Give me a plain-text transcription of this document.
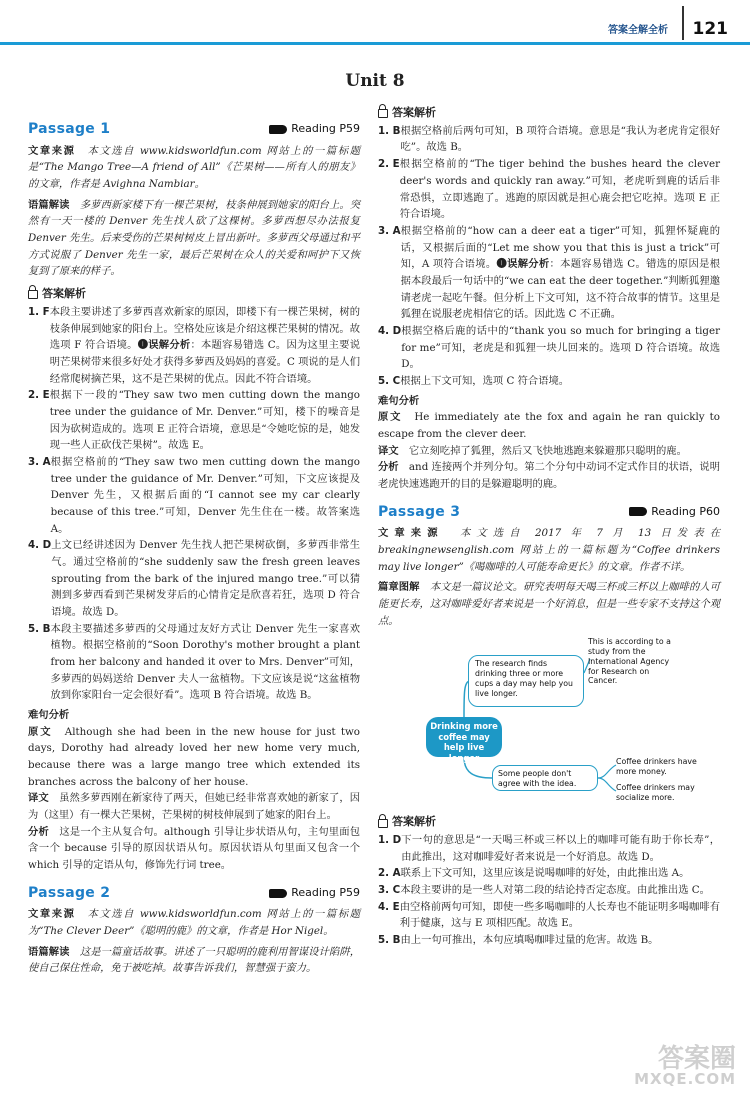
答案全解全析 121
Unit 8
Passage 1	Reading P59

文章来源　 本文选自 www.kidsworldfun.com 网站上的一篇标题是“The Mango Tree—A friend of All”《芒果树——所有人的朋友》的文章，作者是 Avighna Nambiar。

语篇解读　 多萝西新家楼下有一棵芒果树，枝条伸展到她家的阳台上。突然有一天一楼的 Denver 先生找人砍了这棵树。多萝西想尽办法报复 Denver 先生。后来受伤的芒果树树皮上冒出新叶。多萝西父母通过和平方式说服了 Denver 先生一家，最后芒果树在众人的关爱和呵护下又恢复到了原来的样子。

答案解析
1. F 本段主要讲述了多萝西喜欢新家的原因，即楼下有一棵芒果树，树的枝条伸展到她家的阳台上。空格处应该是介绍这棵芒果树的情况。故选项 F 符合语境。❶误解分析：本题容易错选 C。因为这里主要说明芒果树带来很多好处才获得多萝西及妈妈的喜爱。C 项说的是人们经常爬树摘芒果，这不是芒果树的优点。因此不符合语境。
2. E 根据下一段的“They saw two men cutting down the mango tree under the guidance of Mr. Denver.”可知，楼下的噪音是因为砍树造成的。选项 E 正符合语境，意思是“令她吃惊的是，她发现一些人正砍伐芒果树”。故选 E。
3. A 根据空格前的“They saw two men cutting down the mango tree under the guidance of Mr. Denver.”可知，下文应该提及 Denver 先生，又根据后面的“I cannot see my car clearly because of this tree.”可知，Denver 先生住在一楼。故答案选 A。
4. D 上文已经讲述因为 Denver 先生找人把芒果树砍倒，多萝西非常生气。通过空格前的“she suddenly saw the fresh green leaves sprouting from the bark of the injured mango tree.”可以猜测到多萝西看到芒果树发芽后的心情肯定是欣喜若狂，选项 D 符合语境。故选 D。
5. B 本段主要描述多萝西的父母通过友好方式让 Denver 先生一家喜欢植物。根据空格前的“Soon Dorothy's mother brought a plant from her balcony and handed it over to Mrs. Denver”可知，多萝西的妈妈送给 Denver 夫人一盆植物。下文应该是说“这盆植物放到你家阳台一定会很好看”。选项 B 符合语境。故选 B。
难句分析

原文　 Although she had been in the new house for just two days, Dorothy had already loved her new home very much, because there was a large mango tree which extended its branches across the balcony of her house.

译文　 虽然多萝西刚在新家待了两天，但她已经非常喜欢她的新家了，因为（这里）有一棵大芒果树，芒果树的树枝伸展到了她家的阳台上。

分析　 这是一个主从复合句。although 引导让步状语从句，主句里面包含一个 because 引导的原因状语从句。原因状语从句里面又包含一个 which 引导的定语从句，修饰先行词 tree。

Passage 2	Reading P59

文章来源　 本文选自 www.kidsworldfun.com 网站上的一篇标题为“The Clever Deer”《聪明的鹿》的文章，作者是 Hor Nigel。

语篇解读　 这是一篇童话故事。讲述了一只聪明的鹿利用智谋设计陷阱，使自己保住性命，免于被吃掉。故事告诉我们，智慧强于蛮力。

答案解析
1. B 根据空格前后两句可知，B 项符合语境。意思是“我认为老虎肯定很好吃”。故选 B。
2. E 根据空格前的“The tiger behind the bushes heard the clever deer's words and quickly ran away.”可知，老虎听到鹿的话后非常恐惧，立即逃跑了。逃跑的原因就是担心鹿会把它吃掉。选项 E 正符合语境。
3. A 根据空格前的“how can a deer eat a tiger”可知，狐狸怀疑鹿的话，又根据后面的“Let me show you that this is just a trick”可知，A 项符合语境。❶误解分析：本题容易错选 C。错选的原因是根据本段最后一句话中的“we can eat the deer together.”判断狐狸邀请老虎一起吃午餐。但分析上下文可知，这不符合故事的情节。这里是狐狸在说服老虎相信它的话。因此选 C 不正确。
4. D 根据空格后鹿的话中的“thank you so much for bringing a tiger for me”可知，老虎是和狐狸一块儿回来的。选项 D 符合语境。故选 D。
5. C 根据上下文可知，选项 C 符合语境。
难句分析

原文　 He immediately ate the fox and again he ran quickly to escape from the clever deer.

译文　 它立刻吃掉了狐狸，然后又飞快地逃跑来躲避那只聪明的鹿。

分析　 and 连接两个并列分句。第二个分句中动词不定式作目的状语，说明老虎快速逃跑开的目的是躲避聪明的鹿。

Passage 3	Reading P60

文章来源　 本文选自 2017 年 7 月 13 日发表在 breakingnewsenglish.com 网站上的一篇标题为“Coffee drinkers may live longer”《喝咖啡的人可能寿命更长》的文章。作者不详。

篇章图解　 本文是一篇议论文。研究表明每天喝三杯或三杯以上咖啡的人可能更长寿，这对咖啡爱好者来说是一个好消息，但是一些专家不支持这个观点。

This is according to a study from the International Agency for Research on Cancer.
The research finds drinking three or more cups a day may help you live longer.
Drinking more coffee may help live longer
Some people don't agree with the idea.
Coffee drinkers have more money.
Coffee drinkers may socialize more.
答案解析
1. D 下一句的意思是“一天喝三杯或三杯以上的咖啡可能有助于你长寿”，由此推出，这对咖啡爱好者来说是一个好消息。故选 D。
2. A 联系上下文可知，这里应该是说喝咖啡的好处，由此推出选 A。
3. C 本段主要讲的是一些人对第二段的结论持否定态度。由此推出选 C。
4. E 由空格前两句可知，即使一些多喝咖啡的人长寿也不能证明多喝咖啡有利于健康，这与 E 项相匹配。故选 E。
5. B 由上一句可推出，本句应填喝咖啡过量的危害。故选 B。
答案圈
MXQE.COM
